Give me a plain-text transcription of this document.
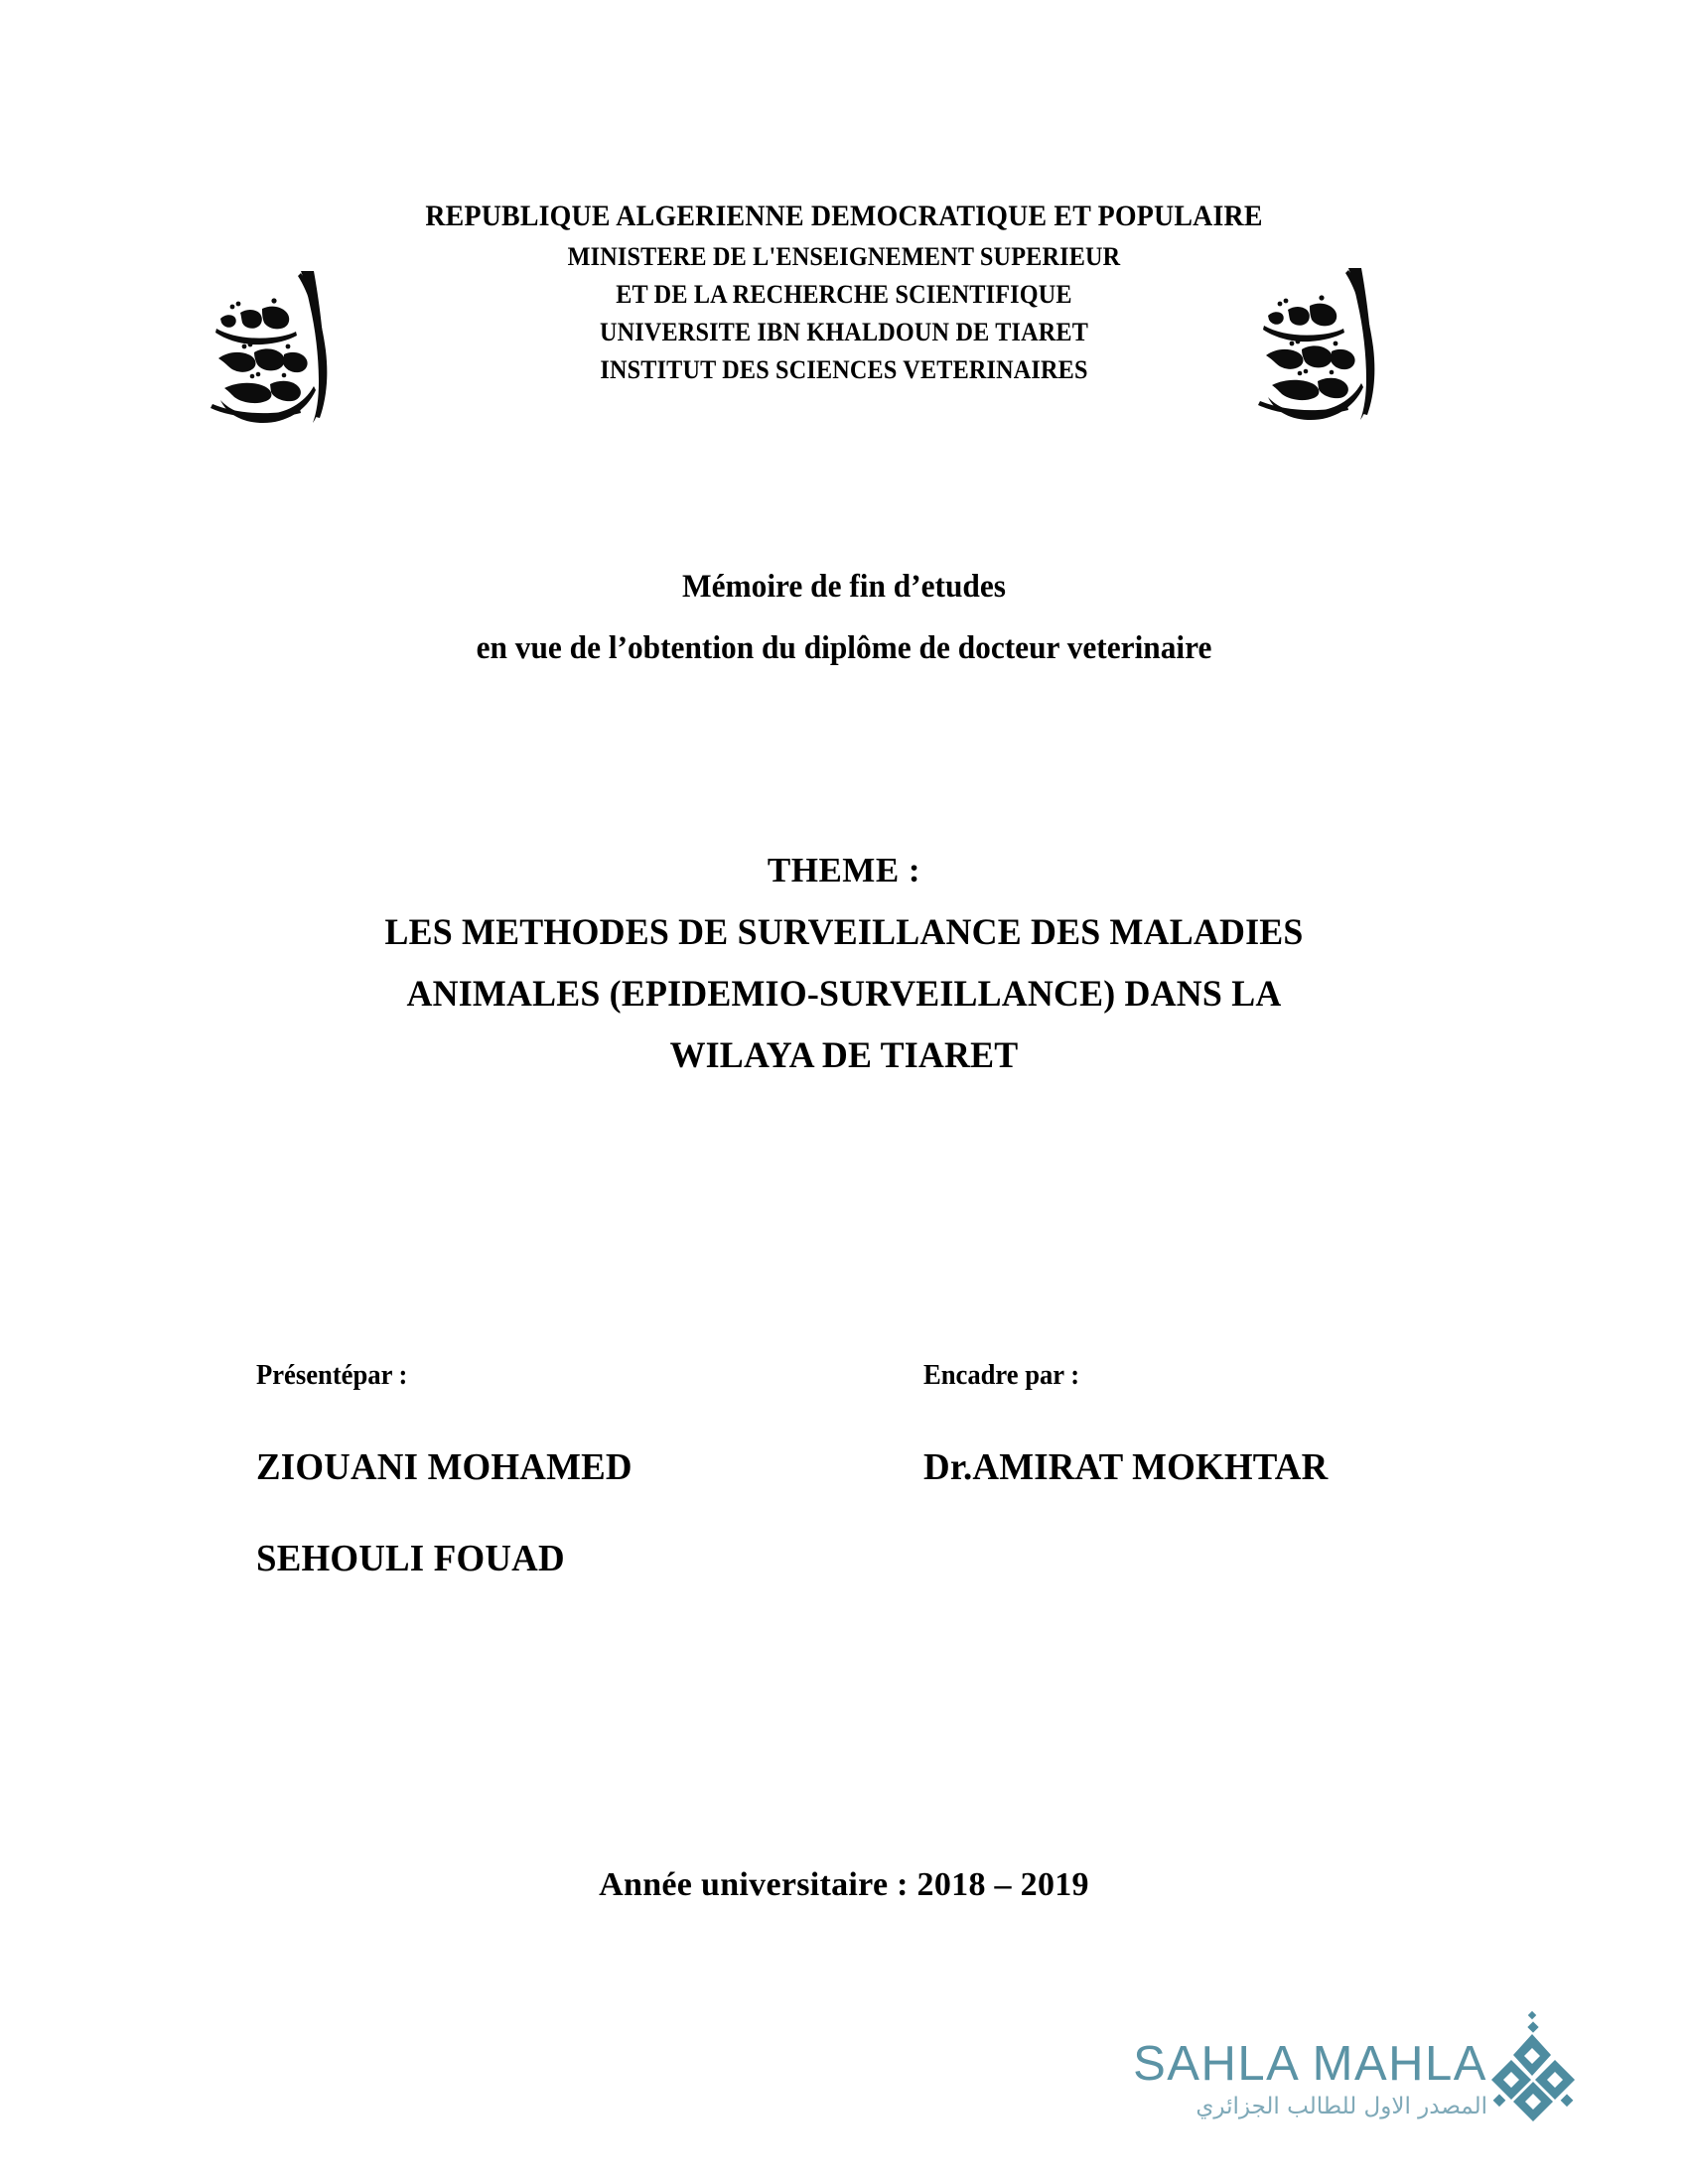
REPUBLIQUE ALGERIENNE DEMOCRATIQUE ET POPULAIRE
MINISTERE DE L'ENSEIGNEMENT SUPERIEUR
ET DE LA RECHERCHE SCIENTIFIQUE
UNIVERSITE IBN KHALDOUN DE TIARET
INSTITUT DES SCIENCES VETERINAIRES
Mémoire de fin d’etudes
en vue de l’obtention du diplôme de docteur veterinaire
THEME :
LES METHODES DE SURVEILLANCE DES MALADIES
ANIMALES (EPIDEMIO-SURVEILLANCE) DANS LA
WILAYA DE TIARET
Présentépar :
ZIOUANI MOHAMED
SEHOULI FOUAD
Encadre par :
Dr.AMIRAT MOKHTAR
Année universitaire : 2018 – 2019
SAHLA MAHLA
المصدر الاول للطالب الجزائري
